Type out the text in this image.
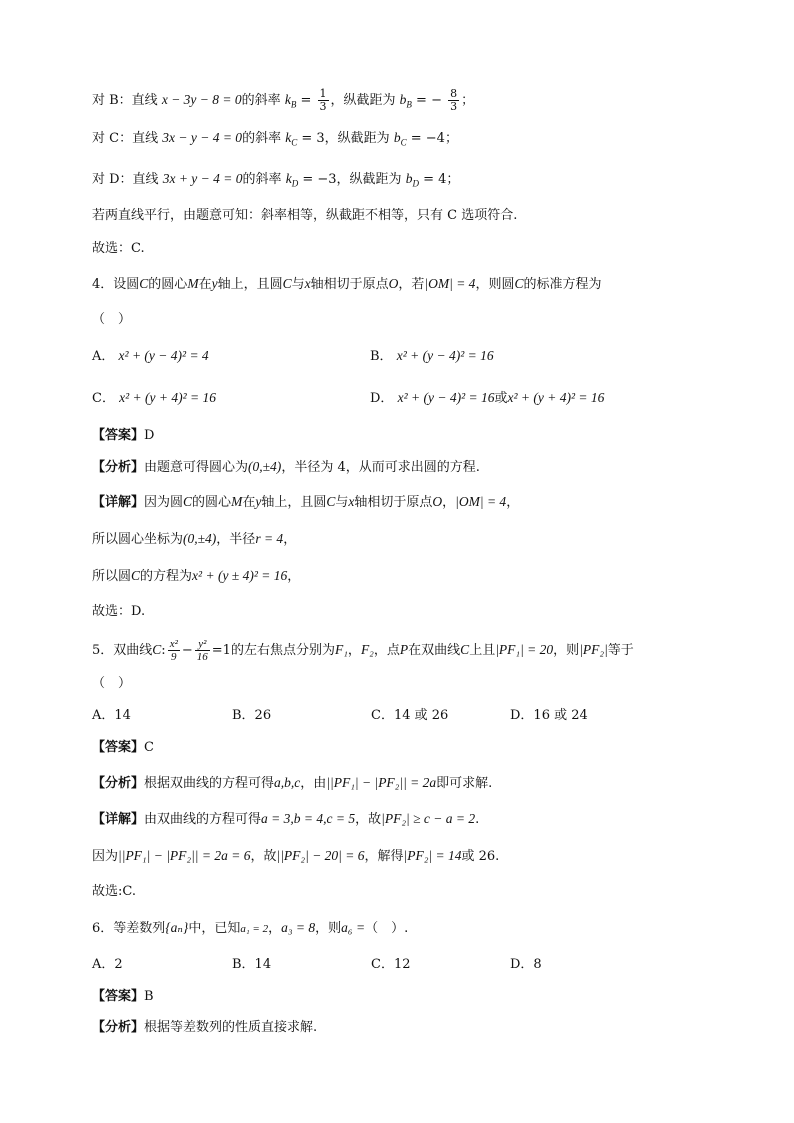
对 B：直线 x − 3y − 8 = 0的斜率 $k_B = \frac{1}{3}$ ，纵截距为 $b_B$ = − $\frac{8}{3}$ ；
对 C：直线 3x − y − 4 = 0的斜率 $k_C = 3$，纵截距为 $b_C = -4$；
对 D：直线 3x + y − 4 = 0的斜率 $k_D = -3$，纵截距为 $b_D = 4$；
若两直线平行，由题意可知：斜率相等，纵截距不相等，只有 C 选项符合.
故选：C.
4．设圆C的圆心M在y轴上，且圆C与x轴相切于原点O，若|OM| = 4，则圆C的标准方程为
（　）
A． x² + (y − 4)² = 4	B． x² + (y − 4)² = 16
C． x² + (y + 4)² = 16	D． x² + (y − 4)² = 16或x² + (y + 4)² = 16
【答案】D
【分析】由题意可得圆心为(0,±4)，半径为 4，从而可求出圆的方程.
【详解】因为圆C的圆心M在y轴上，且圆C与x轴相切于原点O，|OM| = 4，
所以圆心坐标为(0,±4)，半径r = 4，
所以圆C的方程为x² + (y ± 4)² = 16，
故选：D.
5．双曲线C: $\frac{\text{x²}}{9} - \frac{\text{y²}}{16} =1$的左右焦点分别为F₁，F₂，点P在双曲线C上且|PF₁| = 20，则|PF₂|等于
（　）
A．14	B．26	C．14 或 26	D．16 或 24
【答案】C
【分析】根据双曲线的方程可得a,b,c，由||PF₁| − |PF₂|| = 2a即可求解.
【详解】由双曲线的方程可得a = 3,b = 4,c = 5，故|PF₂| ≥ c − a = 2.
因为||PF₁| − |PF₂|| = 2a = 6，故||PF₂| − 20| = 6，解得|PF₂| = 14或 26.
故选:C.
6．等差数列{aₙ}中，已知a₁ = 2，a₃ = 8，则a₆ =（　）.
A．2	B．14	C．12	D．8
【答案】B
【分析】根据等差数列的性质直接求解.
